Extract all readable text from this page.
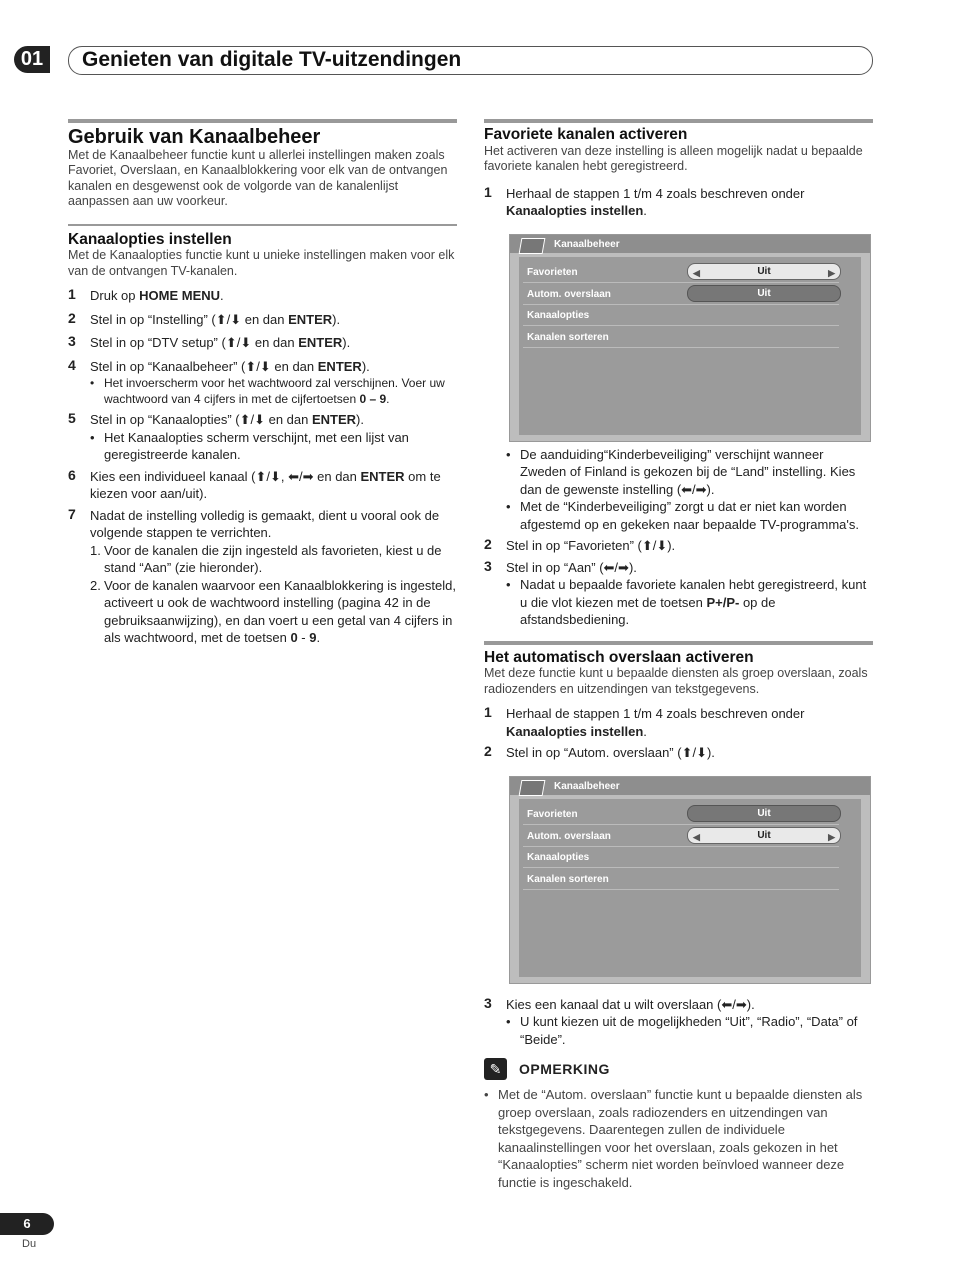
01	Genieten van digitale TV-uitzendingen
Gebruik van Kanaalbeheer
Met de Kanaalbeheer functie kunt u allerlei instellingen maken zoals Favoriet, Overslaan, en Kanaalblokkering voor elk van de ontvangen kanalen en desgewenst ook de volgorde van de kanalenlijst aanpassen aan uw voorkeur.
Kanaalopties instellen
Met de Kanaalopties functie kunt u unieke instellingen maken voor elk van de ontvangen TV-kanalen.
1 Druk op HOME MENU.
2 Stel in op “Instelling” (⬆/⬇ en dan ENTER).
3 Stel in op “DTV setup” (⬆/⬇ en dan ENTER).
4 Stel in op “Kanaalbeheer” (⬆/⬇ en dan ENTER).
• Het invoerscherm voor het wachtwoord zal verschijnen. Voer uw wachtwoord van 4 cijfers in met de cijfertoetsen 0 – 9.
5 Stel in op “Kanaalopties” (⬆/⬇ en dan ENTER).
• Het Kanaalopties scherm verschijnt, met een lijst van geregistreerde kanalen.
6 Kies een individueel kanaal (⬆/⬇, ⬅/➡ en dan ENTER om te kiezen voor aan/uit).
7 Nadat de instelling volledig is gemaakt, dient u vooral ook de volgende stappen te verrichten.
1. Voor de kanalen die zijn ingesteld als favorieten, kiest u de stand “Aan” (zie hieronder).
2. Voor de kanalen waarvoor een Kanaalblokkering is ingesteld, activeert u ook de wachtwoord instelling (pagina 42 in de gebruiksaanwijzing), en dan voert u een getal van 4 cijfers in als wachtwoord, met de toetsen 0 - 9.
Favoriete kanalen activeren
Het activeren van deze instelling is alleen mogelijk nadat u bepaalde favoriete kanalen hebt geregistreerd.
1 Herhaal de stappen 1 t/m 4 zoals beschreven onder Kanaalopties instellen.
Kanaalbeheer
Favorieten	◀	Uit	▶
Autom. overslaan	Uit
Kanaalopties
Kanalen sorteren
• De aanduiding“Kinderbeveiliging” verschijnt wanneer Zweden of Finland is gekozen bij de “Land” instelling. Kies dan de gewenste instelling (⬅/➡).
• Met de “Kinderbeveiliging” zorgt u dat er niet kan worden afgestemd op en gekeken naar bepaalde TV-programma's.
2 Stel in op “Favorieten” (⬆/⬇).
3 Stel in op “Aan” (⬅/➡).
• Nadat u bepaalde favoriete kanalen hebt geregistreerd, kunt u die vlot kiezen met de toetsen P+/P- op de afstandsbediening.
Het automatisch overslaan activeren
Met deze functie kunt u bepaalde diensten als groep overslaan, zoals radiozenders en uitzendingen van tekstgegevens.
1 Herhaal de stappen 1 t/m 4 zoals beschreven onder Kanaalopties instellen.
2 Stel in op “Autom. overslaan” (⬆/⬇).
Kanaalbeheer
Favorieten	Uit
Autom. overslaan	◀	Uit	▶
Kanaalopties
Kanalen sorteren
3 Kies een kanaal dat u wilt overslaan (⬅/➡).
• U kunt kiezen uit de mogelijkheden “Uit”, “Radio”, “Data” of “Beide”.
✎	OPMERKING
• Met de “Autom. overslaan” functie kunt u bepaalde diensten als groep overslaan, zoals radiozenders en uitzendingen van tekstgegevens. Daarentegen zullen de individuele kanaalinstellingen voor het overslaan, zoals gekozen in het “Kanaalopties” scherm niet worden beïnvloed wanneer deze functie is ingeschakeld.
6
Du
